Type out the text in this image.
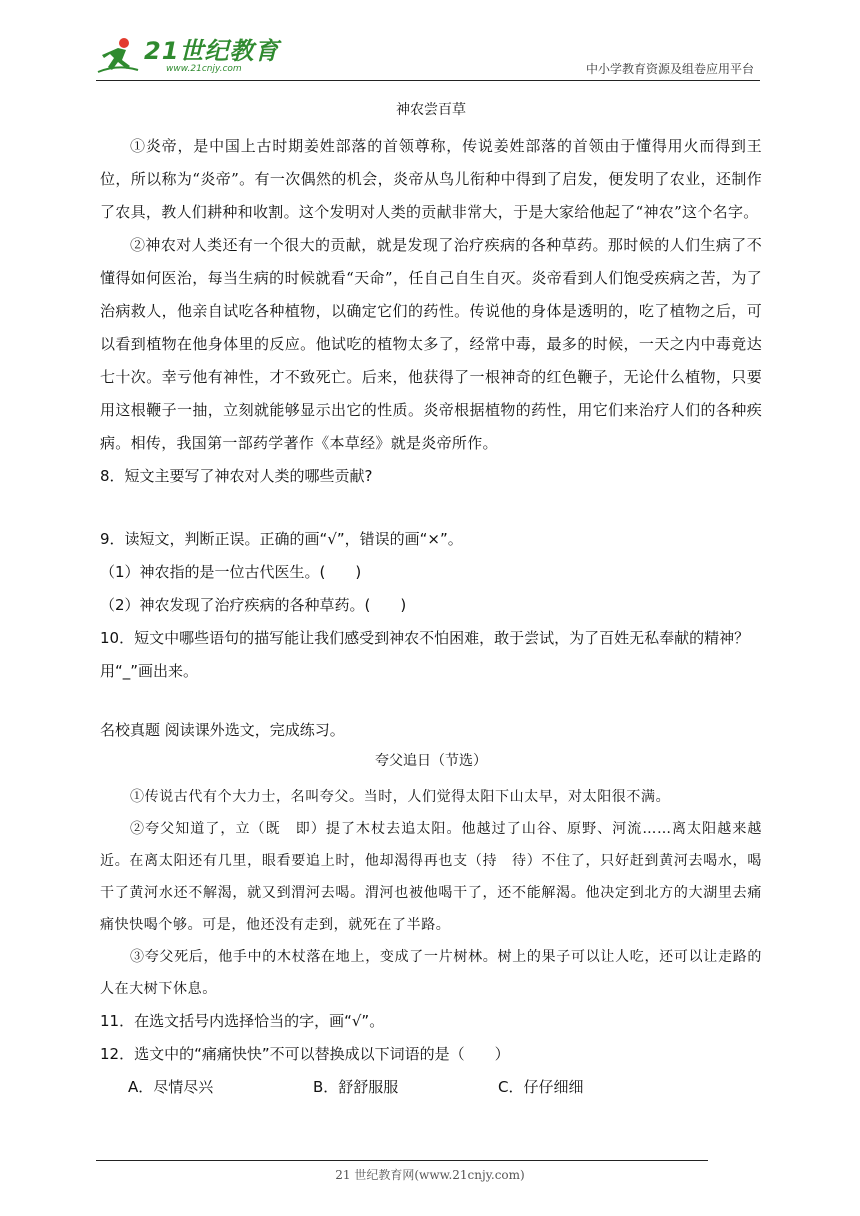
21世纪教育
www.21cnjy.com	中小学教育资源及组卷应用平台
神农尝百草

①炎帝，是中国上古时期姜姓部落的首领尊称，传说姜姓部落的首领由于懂得用火而得到王位，所以称为“炎帝”。有一次偶然的机会，炎帝从鸟儿衔种中得到了启发，便发明了农业，还制作了农具，教人们耕种和收割。这个发明对人类的贡献非常大，于是大家给他起了“神农”这个名字。

②神农对人类还有一个很大的贡献，就是发现了治疗疾病的各种草药。那时候的人们生病了不懂得如何医治，每当生病的时候就看“天命”，任自己自生自灭。炎帝看到人们饱受疾病之苦，为了治病救人，他亲自试吃各种植物，以确定它们的药性。传说他的身体是透明的，吃了植物之后，可以看到植物在他身体里的反应。他试吃的植物太多了，经常中毒，最多的时候，一天之内中毒竟达七十次。幸亏他有神性，才不致死亡。后来，他获得了一根神奇的红色鞭子，无论什么植物，只要用这根鞭子一抽，立刻就能够显示出它的性质。炎帝根据植物的药性，用它们来治疗人们的各种疾病。相传，我国第一部药学著作《本草经》就是炎帝所作。

8．短文主要写了神农对人类的哪些贡献?

9．读短文，判断正误。正确的画“√”，错误的画“×”。

（1）神农指的是一位古代医生。(　　)

（2）神农发现了治疗疾病的各种草药。(　　)

10．短文中哪些语句的描写能让我们感受到神农不怕困难，敢于尝试，为了百姓无私奉献的精神？用“_”画出来。

名校真题 阅读课外选文，完成练习。

夸父追日（节选）

①传说古代有个大力士，名叫夸父。当时，人们觉得太阳下山太早，对太阳很不满。

②夸父知道了，立（既　即）提了木杖去追太阳。他越过了山谷、原野、河流……离太阳越来越近。在离太阳还有几里，眼看要追上时，他却渴得再也支（持　待）不住了，只好赶到黄河去喝水，喝干了黄河水还不解渴，就又到渭河去喝。渭河也被他喝干了，还不能解渴。他决定到北方的大湖里去痛痛快快喝个够。可是，他还没有走到，就死在了半路。

③夸父死后，他手中的木杖落在地上，变成了一片树林。树上的果子可以让人吃，还可以让走路的人在大树下休息。

11．在选文括号内选择恰当的字，画“√”。

12．选文中的“痛痛快快”不可以替换成以下词语的是（　　）

A．尽情尽兴	B．舒舒服服	C．仔仔细细
21 世纪教育网(www.21cnjy.com)
